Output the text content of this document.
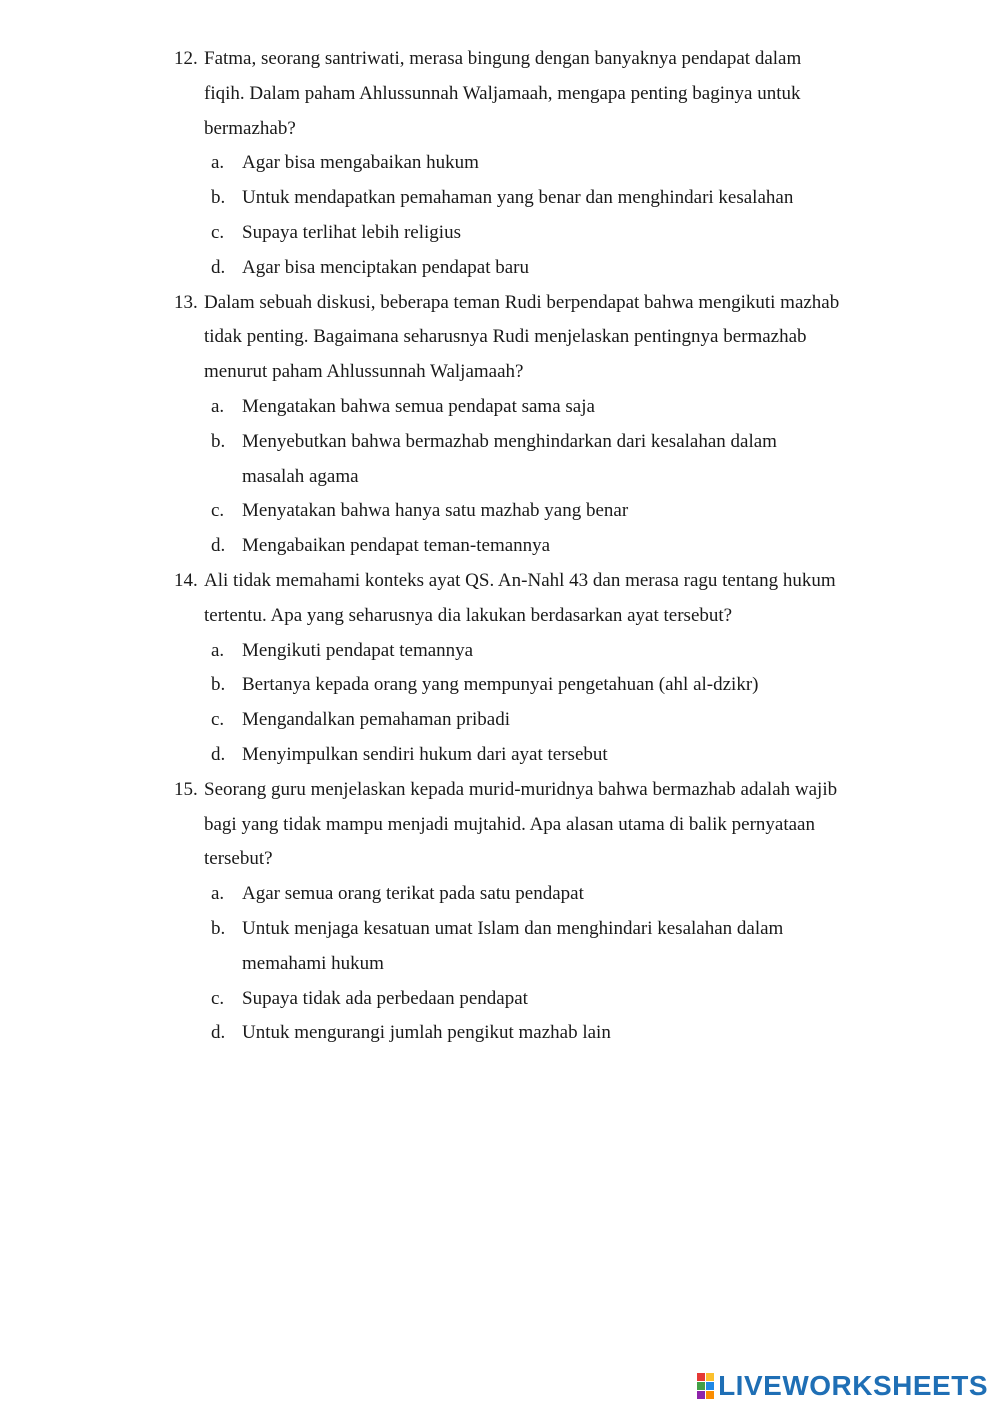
12. Fatma, seorang santriwati, merasa bingung dengan banyaknya pendapat dalam
fiqih. Dalam paham Ahlussunnah Waljamaah, mengapa penting baginya untuk
bermazhab?
a. Agar bisa mengabaikan hukum
b. Untuk mendapatkan pemahaman yang benar dan menghindari kesalahan
c. Supaya terlihat lebih religius
d. Agar bisa menciptakan pendapat baru
13. Dalam sebuah diskusi, beberapa teman Rudi berpendapat bahwa mengikuti mazhab
tidak penting. Bagaimana seharusnya Rudi menjelaskan pentingnya bermazhab
menurut paham Ahlussunnah Waljamaah?
a. Mengatakan bahwa semua pendapat sama saja
b. Menyebutkan bahwa bermazhab menghindarkan dari kesalahan dalam
masalah agama
c. Menyatakan bahwa hanya satu mazhab yang benar
d. Mengabaikan pendapat teman-temannya
14. Ali tidak memahami konteks ayat QS. An-Nahl 43 dan merasa ragu tentang hukum
tertentu. Apa yang seharusnya dia lakukan berdasarkan ayat tersebut?
a. Mengikuti pendapat temannya
b. Bertanya kepada orang yang mempunyai pengetahuan (ahl al-dzikr)
c. Mengandalkan pemahaman pribadi
d. Menyimpulkan sendiri hukum dari ayat tersebut
15. Seorang guru menjelaskan kepada murid-muridnya bahwa bermazhab adalah wajib
bagi yang tidak mampu menjadi mujtahid. Apa alasan utama di balik pernyataan
tersebut?
a. Agar semua orang terikat pada satu pendapat
b. Untuk menjaga kesatuan umat Islam dan menghindari kesalahan dalam
memahami hukum
c. Supaya tidak ada perbedaan pendapat
d. Untuk mengurangi jumlah pengikut mazhab lain
LIVEWORKSHEETS
